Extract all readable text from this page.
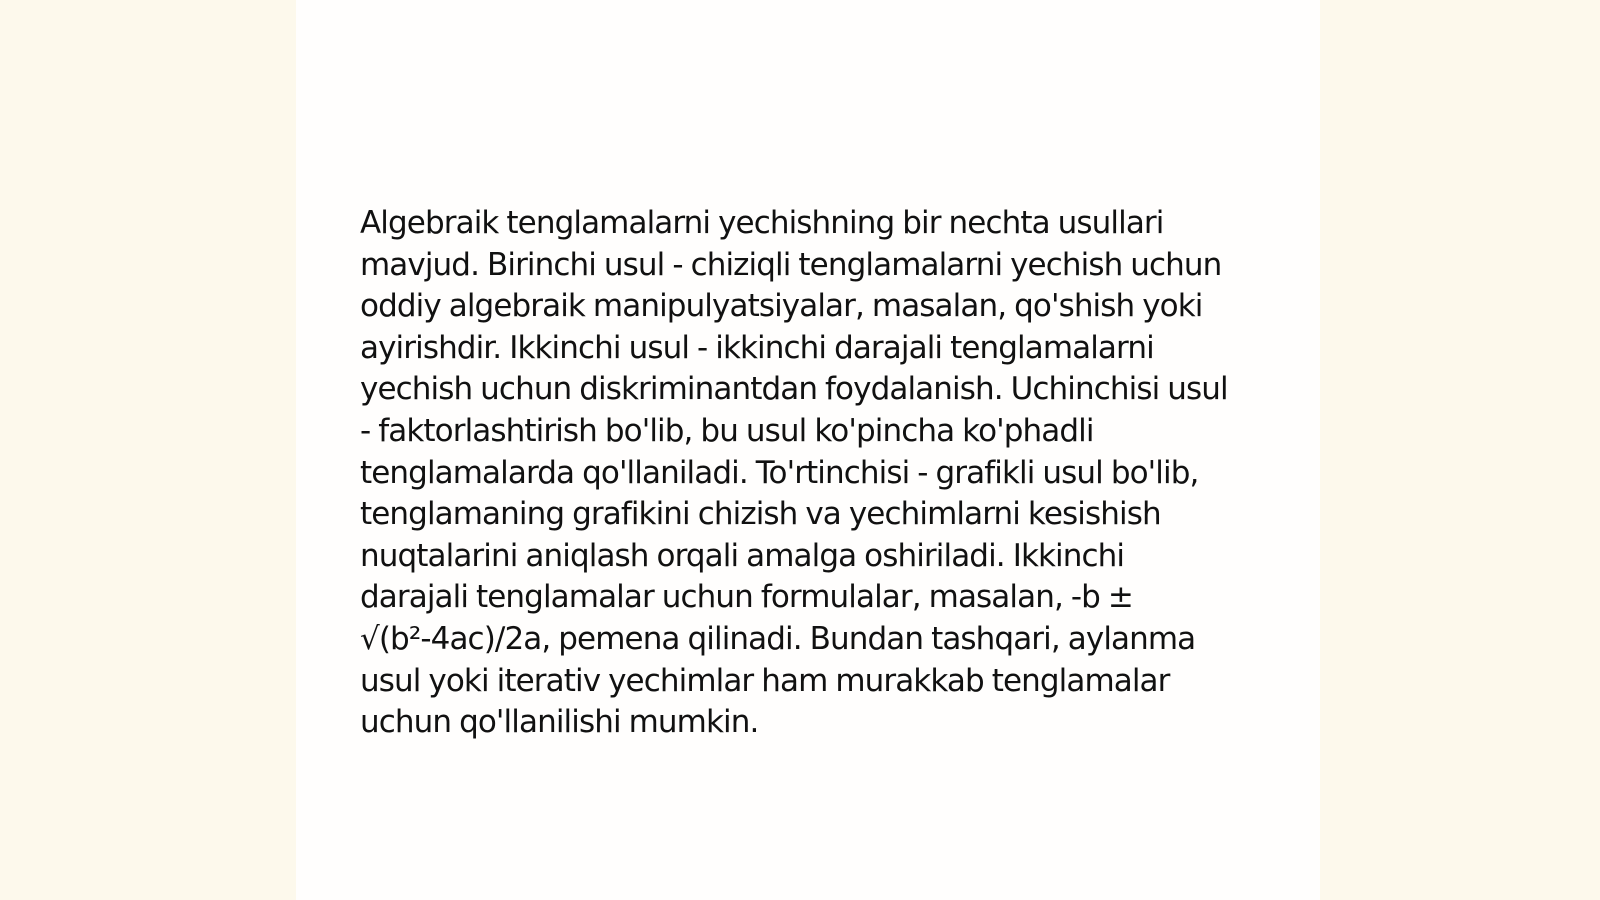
Algebraik tenglamalarni yechishning bir nechta usullari mavjud. Birinchi usul - chiziqli tenglamalarni yechish uchun oddiy algebraik manipulyatsiyalar, masalan, qo'shish yoki ayirishdir. Ikkinchi usul - ikkinchi darajali tenglamalarni yechish uchun diskriminantdan foydalanish. Uchinchisi usul - faktorlashtirish bo'lib, bu usul ko'pincha ko'phadli tenglamalarda qo'llaniladi. To'rtinchisi - grafikli usul bo'lib, tenglamaning grafikini chizish va yechimlarni kesishish nuqtalarini aniqlash orqali amalga oshiriladi. Ikkinchi darajali tenglamalar uchun formulalar, masalan, -b ± √(b²-4ac)/2a, pemena qilinadi. Bundan tashqari, aylanma usul yoki iterativ yechimlar ham murakkab tenglamalar uchun qo'llanilishi mumkin.
